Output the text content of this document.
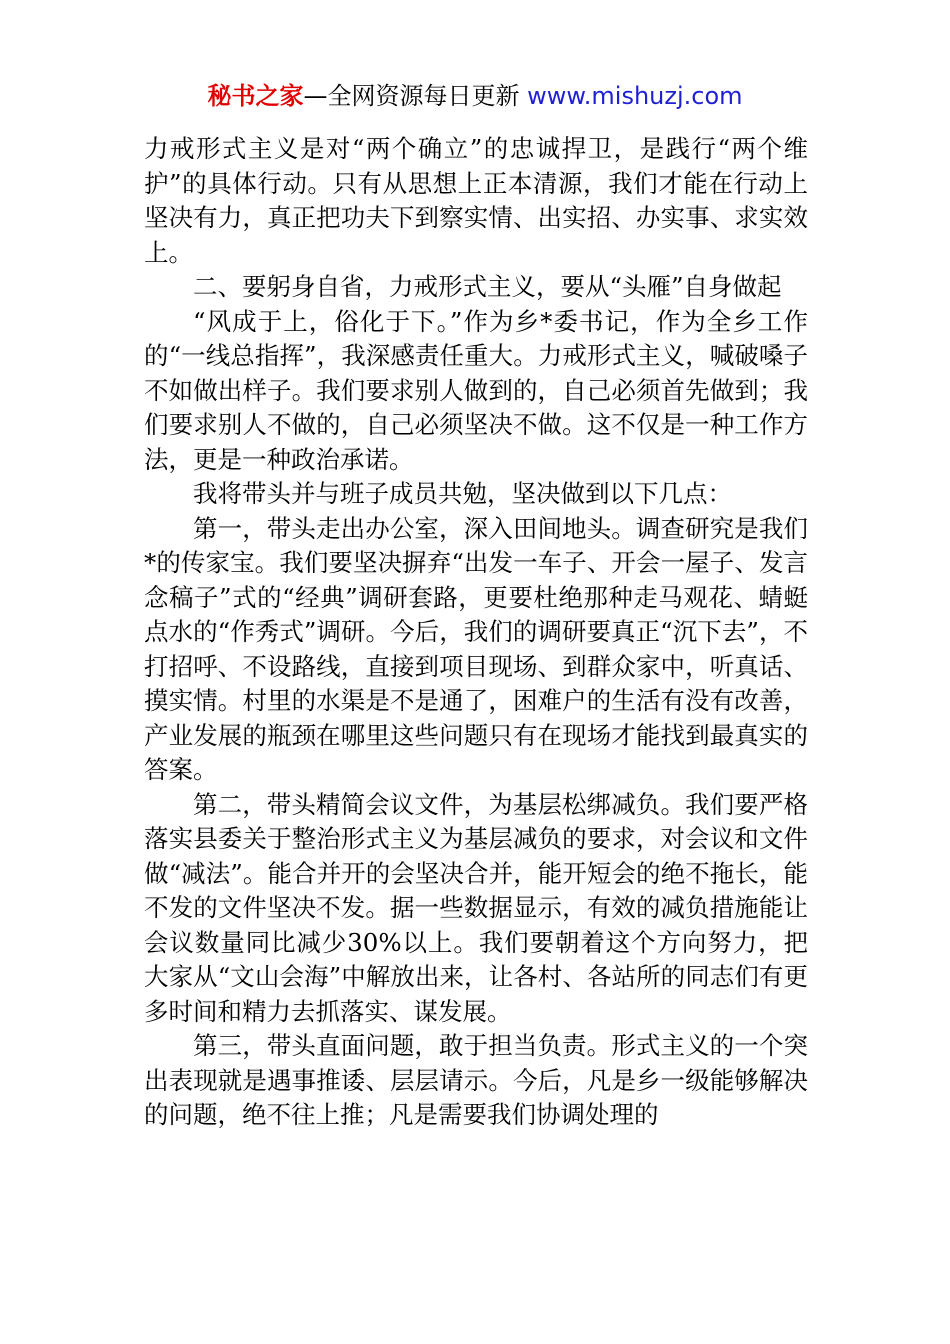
秘书之家—全网资源每日更新 www.mishuzj.com

力戒形式主义是对“两个确立”的忠诚捍卫，是践行“两个维护”的具体行动。只有从思想上正本清源，我们才能在行动上坚决有力，真正把功夫下到察实情、出实招、办实事、求实效上。

二、要躬身自省，力戒形式主义，要从“头雁”自身做起

“风成于上，俗化于下。”作为乡*委书记，作为全乡工作的“一线总指挥”，我深感责任重大。力戒形式主义，喊破嗓子不如做出样子。我们要求别人做到的，自己必须首先做到；我们要求别人不做的，自己必须坚决不做。这不仅是一种工作方法，更是一种政治承诺。

我将带头并与班子成员共勉，坚决做到以下几点：

第一，带头走出办公室，深入田间地头。调查研究是我们*的传家宝。我们要坚决摒弃“出发一车子、开会一屋子、发言念稿子”式的“经典”调研套路，更要杜绝那种走马观花、蜻蜓点水的“作秀式”调研。今后，我们的调研要真正“沉下去”，不打招呼、不设路线，直接到项目现场、到群众家中，听真话、摸实情。村里的水渠是不是通了，困难户的生活有没有改善，产业发展的瓶颈在哪里这些问题只有在现场才能找到最真实的答案。

第二，带头精简会议文件，为基层松绑减负。我们要严格落实县委关于整治形式主义为基层减负的要求，对会议和文件做“减法”。能合并开的会坚决合并，能开短会的绝不拖长，能不发的文件坚决不发。据一些数据显示，有效的减负措施能让会议数量同比减少30%以上。我们要朝着这个方向努力，把大家从“文山会海”中解放出来，让各村、各站所的同志们有更多时间和精力去抓落实、谋发展。

第三，带头直面问题，敢于担当负责。形式主义的一个突出表现就是遇事推诿、层层请示。今后，凡是乡一级能够解决的问题，绝不往上推；凡是需要我们协调处理的
